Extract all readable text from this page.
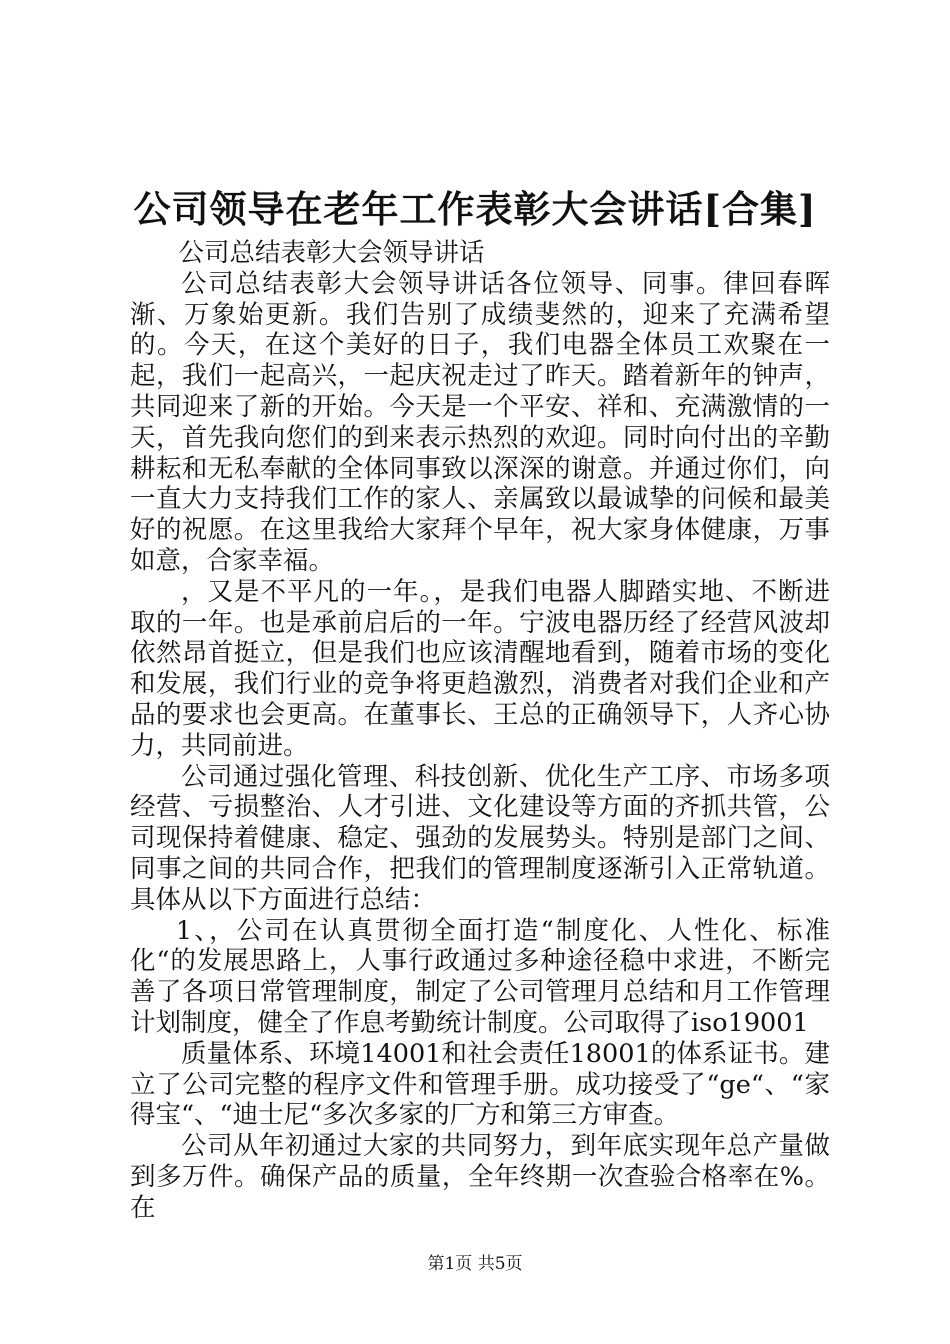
公司领导在老年工作表彰大会讲话[合集]

公司总结表彰大会领导讲话

公司总结表彰大会领导讲话各位领导、同事。律回春晖渐、万象始更新。我们告别了成绩斐然的，迎来了充满希望的。今天，在这个美好的日子，我们电器全体员工欢聚在一起，我们一起高兴，一起庆祝走过了昨天。踏着新年的钟声，共同迎来了新的开始。今天是一个平安、祥和、充满激情的一天，首先我向您们的到来表示热烈的欢迎。同时向付出的辛勤耕耘和无私奉献的全体同事致以深深的谢意。并通过你们，向一直大力支持我们工作的家人、亲属致以最诚挚的问候和最美好的祝愿。在这里我给大家拜个早年，祝大家身体健康，万事如意，合家幸福。

，又是不平凡的一年。，是我们电器人脚踏实地、不断进取的一年。也是承前启后的一年。宁波电器历经了经营风波却依然昂首挺立，但是我们也应该清醒地看到，随着市场的变化和发展，我们行业的竞争将更趋激烈，消费者对我们企业和产品的要求也会更高。在董事长、王总的正确领导下，人齐心协力，共同前进。

公司通过强化管理、科技创新、优化生产工序、市场多项经营、亏损整治、人才引进、文化建设等方面的齐抓共管，公司现保持着健康、稳定、强劲的发展势头。特别是部门之间、同事之间的共同合作，把我们的管理制度逐渐引入正常轨道。具体从以下方面进行总结：

1、，公司在认真贯彻全面打造“制度化、人性化、标准化“的发展思路上，人事行政通过多种途径稳中求进，不断完善了各项日常管理制度，制定了公司管理月总结和月工作管理计划制度，健全了作息考勤统计制度。公司取得了iso19001

质量体系、环境14001和社会责任18001的体系证书。建立了公司完整的程序文件和管理手册。成功接受了“ge“、“家得宝“、“迪士尼“多次多家的厂方和第三方审查。

公司从年初通过大家的共同努力，到年底实现年总产量做到多万件。确保产品的质量，全年终期一次查验合格率在%。在

第1页 共5页
